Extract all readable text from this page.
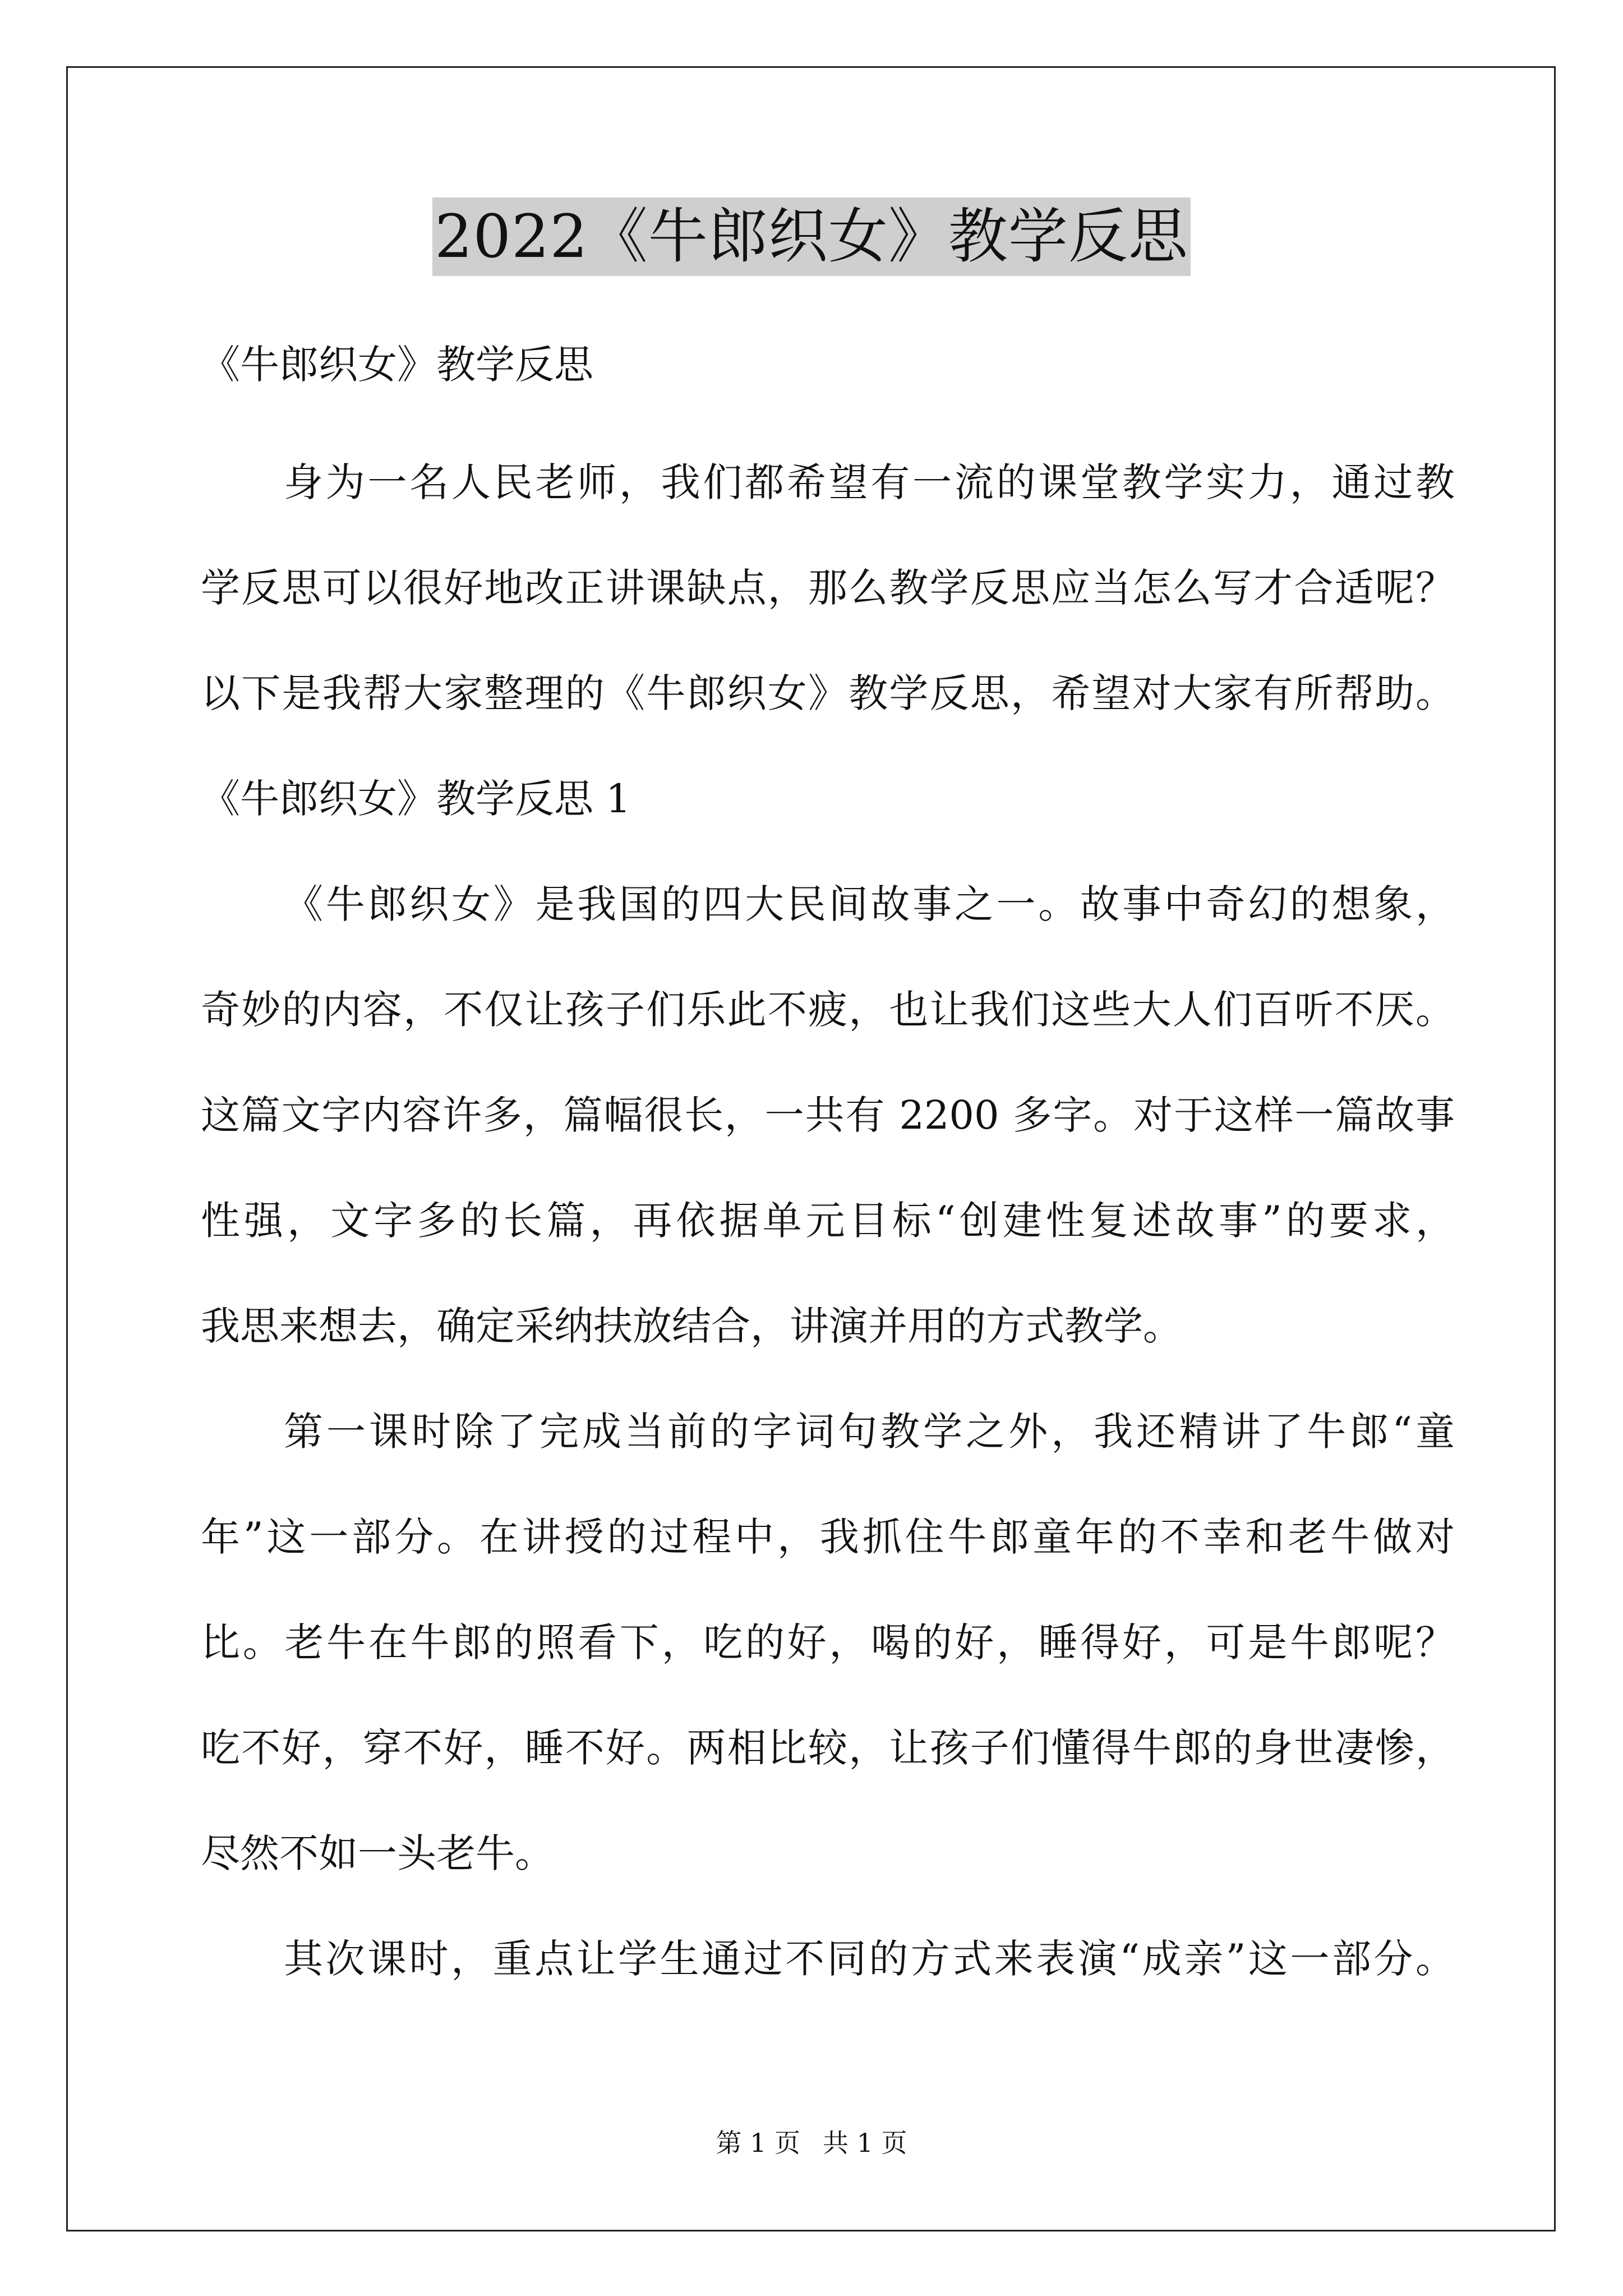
2022《牛郎织女》教学反思
《牛郎织女》教学反思
身为一名人民老师，我们都希望有一流的课堂教学实力，通过教
学反思可以很好地改正讲课缺点，那么教学反思应当怎么写才合适呢？
以下是我帮大家整理的《牛郎织女》教学反思，希望对大家有所帮助。
《牛郎织女》教学反思 1
《牛郎织女》是我国的四大民间故事之一。故事中奇幻的想象，
奇妙的内容，不仅让孩子们乐此不疲，也让我们这些大人们百听不厌。
这篇文字内容许多，篇幅很长，一共有 2200 多字。对于这样一篇故事
性强，文字多的长篇，再依据单元目标“创建性复述故事”的要求，
我思来想去，确定采纳扶放结合，讲演并用的方式教学。
第一课时除了完成当前的字词句教学之外，我还精讲了牛郎“童
年”这一部分。在讲授的过程中，我抓住牛郎童年的不幸和老牛做对
比。老牛在牛郎的照看下，吃的好，喝的好，睡得好，可是牛郎呢？
吃不好，穿不好，睡不好。两相比较，让孩子们懂得牛郎的身世凄惨，
尽然不如一头老牛。
其次课时，重点让学生通过不同的方式来表演“成亲”这一部分。
第 1 页 共 1 页
